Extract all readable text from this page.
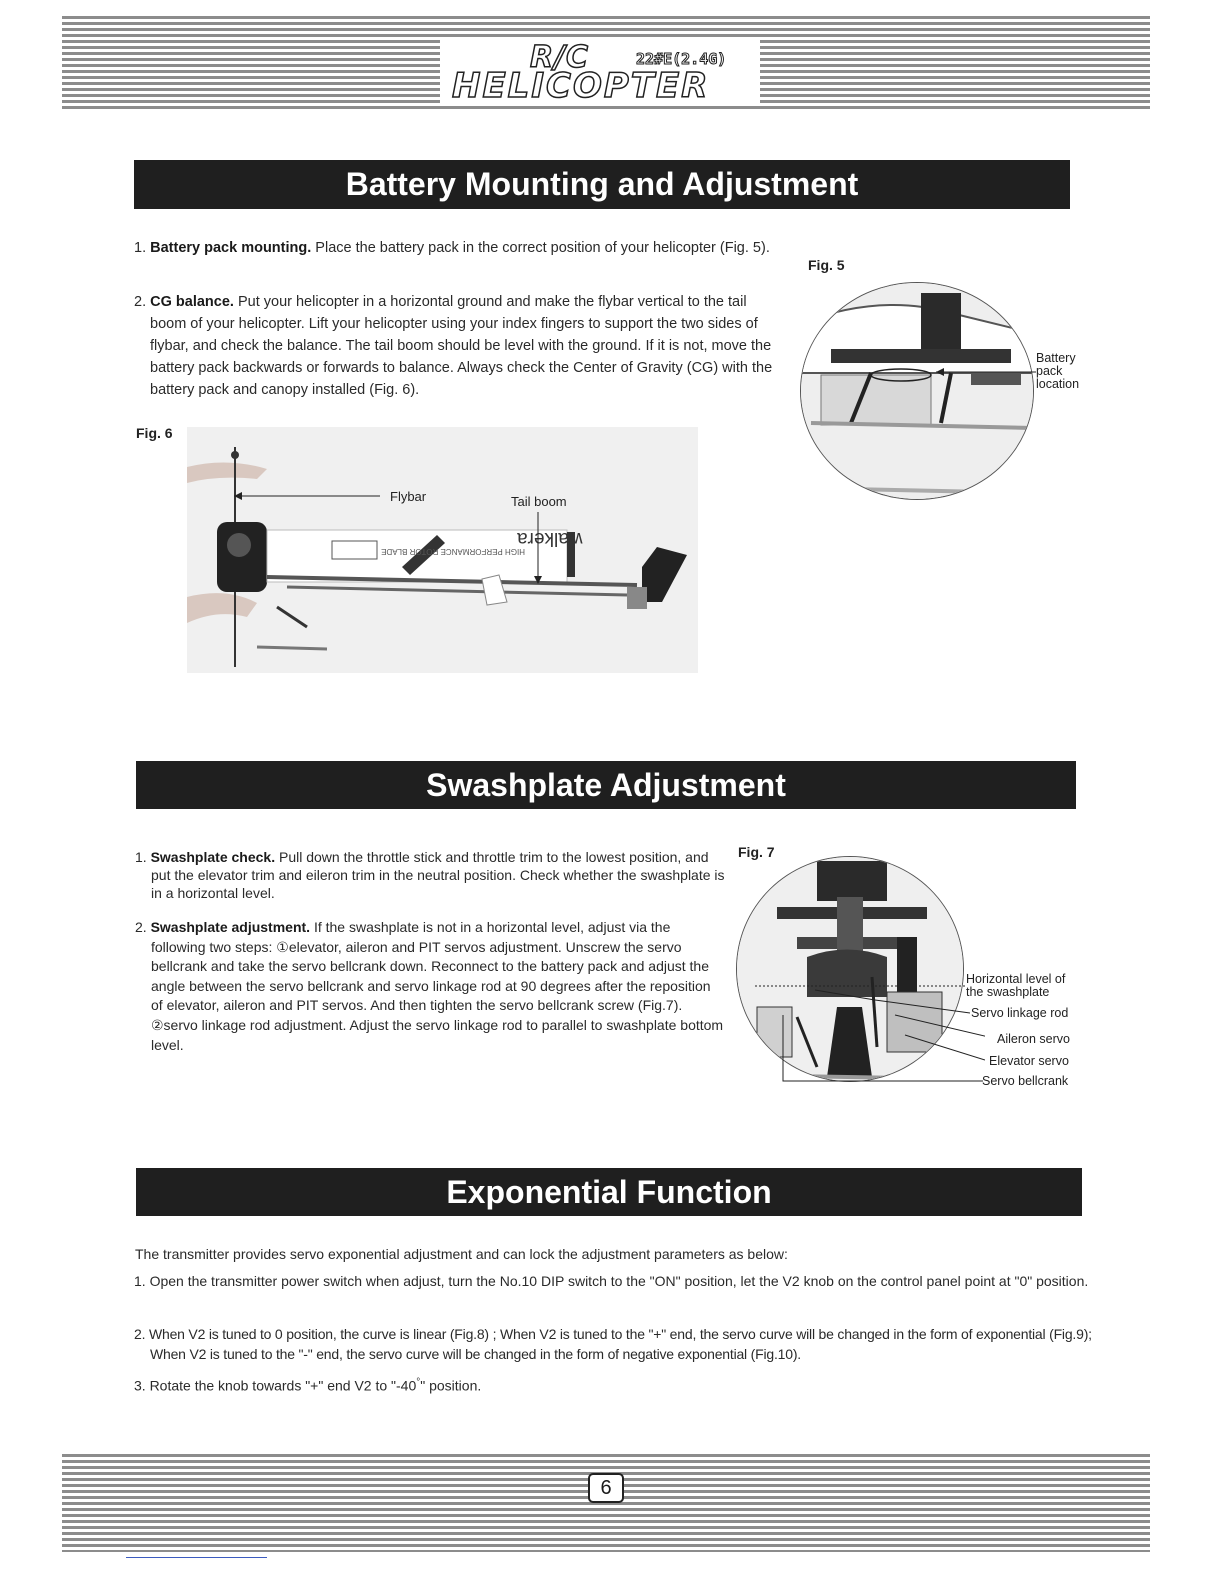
R/C	22#E(2.4G)
HELICOPTER
Battery Mounting and Adjustment
1. Battery pack mounting. Place the battery pack in the correct position of your helicopter (Fig. 5).
2. CG balance. Put your helicopter in a horizontal ground and make the flybar vertical to the tail boom of your helicopter. Lift your helicopter using your index fingers to support the two sides of flybar, and check the balance. The tail boom should be level with the ground. If it is not, move the battery pack backwards or forwards to balance. Always check the Center of Gravity (CG) with the battery pack and canopy installed (Fig. 6).
Fig. 5
Battery pack location
Fig. 6
HIGH PERFORMANCE ROTOR BLADE
walkera
Flybar	Tail boom
Swashplate Adjustment
1. Swashplate check. Pull down the throttle stick and throttle trim to the lowest position, and put the elevator trim and eileron trim in the neutral position. Check whether the swashplate is in a horizontal level.
2. Swashplate adjustment. If the swashplate is not in a horizontal level, adjust via the following two steps: ①elevator, aileron and PIT servos adjustment. Unscrew the servo bellcrank and take the servo bellcrank down. Reconnect to the battery pack and adjust the angle between the servo bellcrank and servo linkage rod at 90 degrees after the reposition of elevator, aileron and PIT servos. And then tighten the servo bellcrank screw (Fig.7). ②servo linkage rod adjustment. Adjust the servo linkage rod to parallel to swashplate bottom level.
Fig. 7
Horizontal level of the swashplate
Servo linkage rod
Aileron servo
Elevator servo
Servo bellcrank
Exponential Function
The transmitter provides servo exponential adjustment and can lock the adjustment parameters as below:
1. Open the transmitter power switch when adjust, turn the No.10 DIP switch to the "ON" position, let the V2 knob on the control panel point at "0" position.
2. When V2 is tuned to 0 position, the curve is linear (Fig.8) ; When V2 is tuned to the "+" end, the servo curve will be changed in the form of exponential (Fig.9); When V2 is tuned to the "-" end, the servo curve will be changed in the form of negative exponential (Fig.10).
3. Rotate the knob towards "+" end V2 to "-40°" position.
6
